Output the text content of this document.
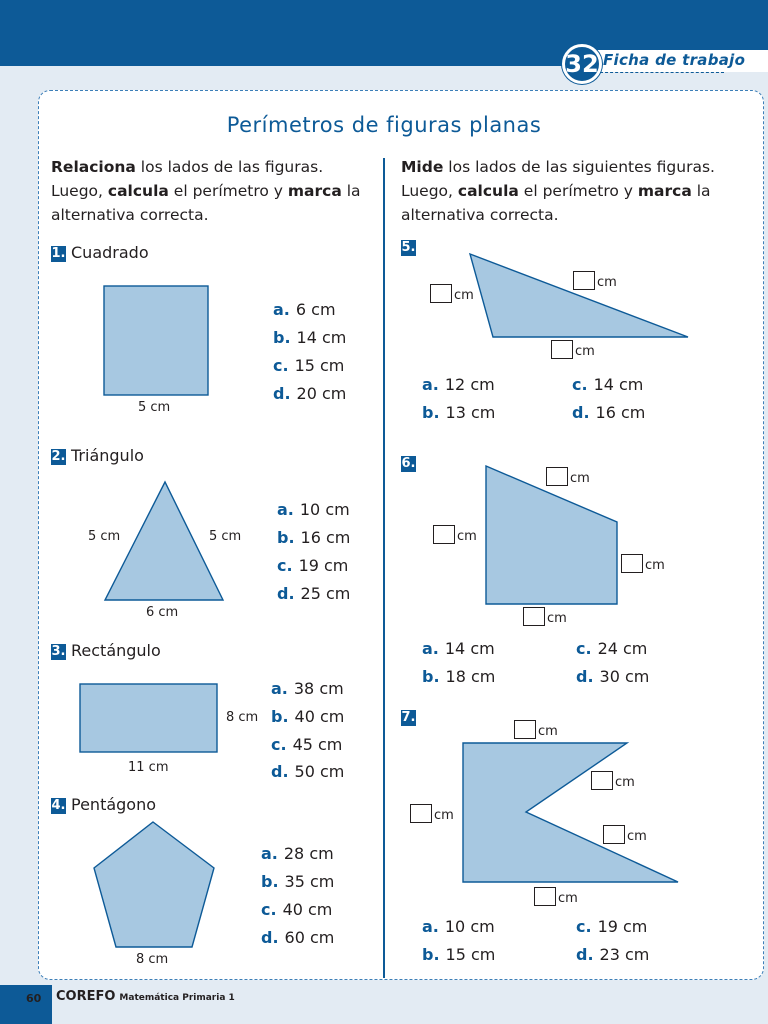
32 Ficha de trabajo
Perímetros de figuras planas
Relaciona los lados de las figuras.
Luego, calcula el perímetro y marca la
alternativa correcta.
Mide los lados de las siguientes figuras.
Luego, calcula el perímetro y marca la
alternativa correcta.
1. Cuadrado
5 cm
a. 6 cm
b. 14 cm
c. 15 cm
d. 20 cm
2. Triángulo
5 cm	5 cm
6 cm
a. 10 cm
b. 16 cm
c. 19 cm
d. 25 cm
3. Rectángulo
8 cm
11 cm
a. 38 cm
b. 40 cm
c. 45 cm
d. 50 cm
4. Pentágono
8 cm
a. 28 cm
b. 35 cm
c. 40 cm
d. 60 cm
5.
cm
cm
cm
a. 12 cm
b. 13 cm
c. 14 cm
d. 16 cm
6.
cm
cm
cm
cm
a. 14 cm
b. 18 cm
c. 24 cm
d. 30 cm
7.
cm
cm
cm
cm
cm
a. 10 cm
b. 15 cm
c. 19 cm
d. 23 cm
60 COREFO Matemática Primaria 1
